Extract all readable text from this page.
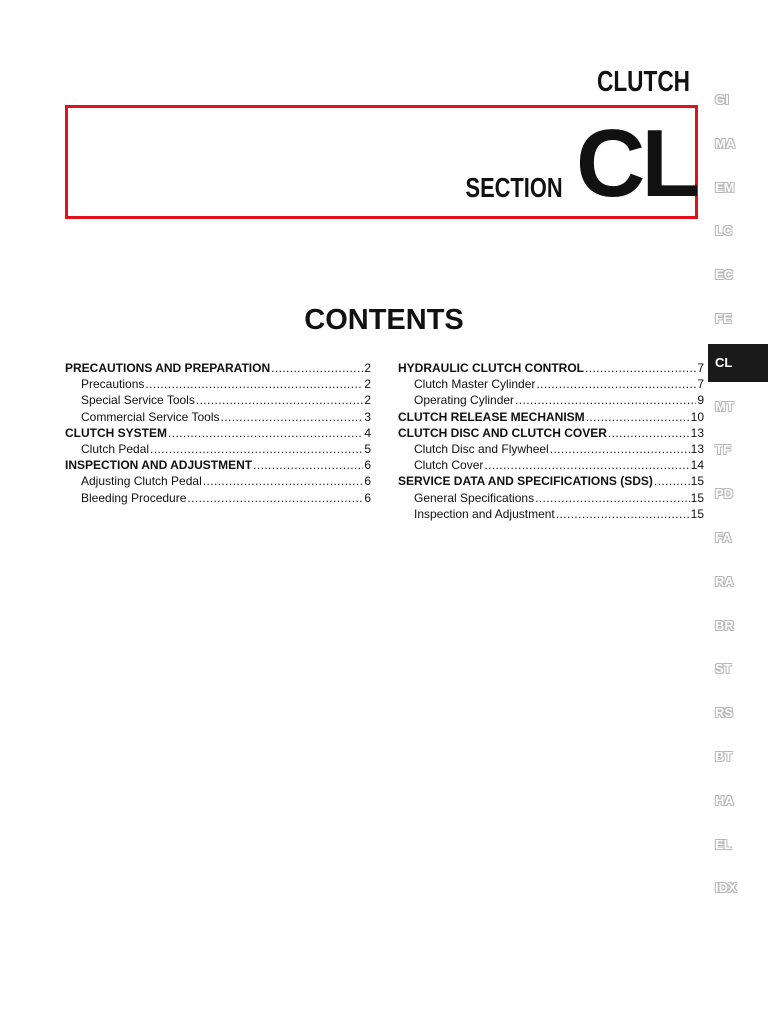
CLUTCH
SECTION CL
CONTENTS
PRECAUTIONS AND PREPARATION .....	2
Precautions .....	2
Special Service Tools .....	2
Commercial Service Tools .....	3
CLUTCH SYSTEM .....	4
Clutch Pedal .....	5
INSPECTION AND ADJUSTMENT .....	6
Adjusting Clutch Pedal .....	6
Bleeding Procedure .....	6
HYDRAULIC CLUTCH CONTROL .....	7
Clutch Master Cylinder .....	7
Operating Cylinder .....	9
CLUTCH RELEASE MECHANISM .....	10
CLUTCH DISC AND CLUTCH COVER .....	13
Clutch Disc and Flywheel .....	13
Clutch Cover .....	14
SERVICE DATA AND SPECIFICATIONS (SDS) .....	15
General Specifications .....	15
Inspection and Adjustment .....	15
GI
MA
EM
LC
EC
FE
CL
MT
TF
PD
FA
RA
BR
ST
RS
BT
HA
EL
IDX
